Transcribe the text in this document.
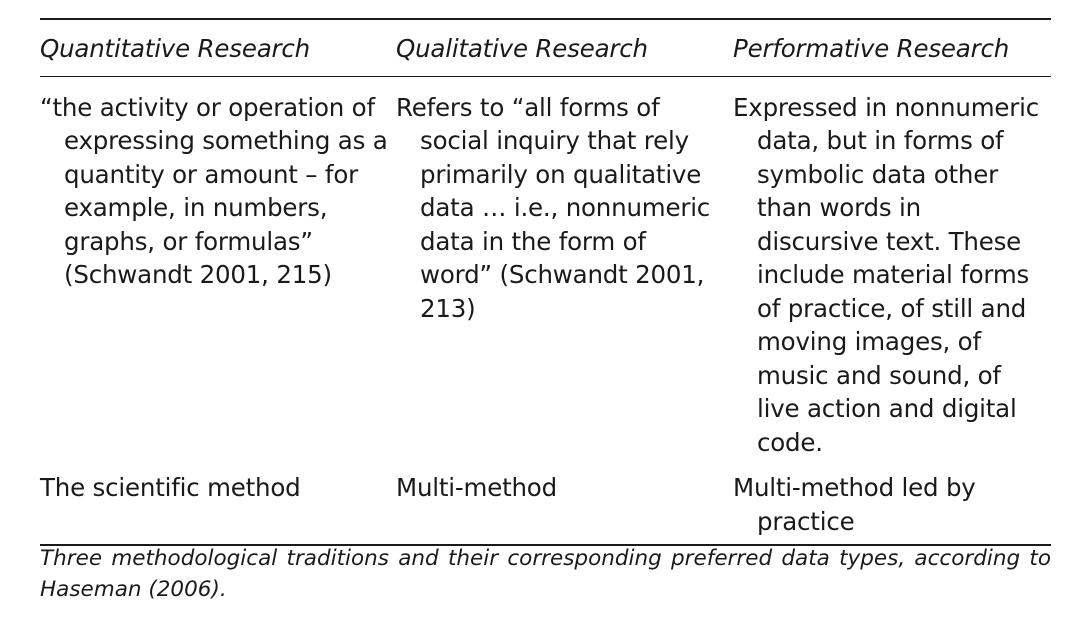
Quantitative Research	Qualitative Research	Performative Research

“the activity or operation of expressing something as a quantity or amount – for example, in numbers, graphs, or formulas” (Schwandt 2001, 215)	Refers to “all forms of social inquiry that rely primarily on qualitative data … i.e., nonnumeric data in the form of word” (Schwandt 2001, 213)	Expressed in nonnumeric data, but in forms of symbolic data other than words in discursive text. These include material forms of practice, of still and moving images, of music and sound, of live action and digital code.

The scientific method	Multi-method	Multi-method led by practice
Three methodological traditions and their corresponding preferred data types, according to Haseman (2006).
